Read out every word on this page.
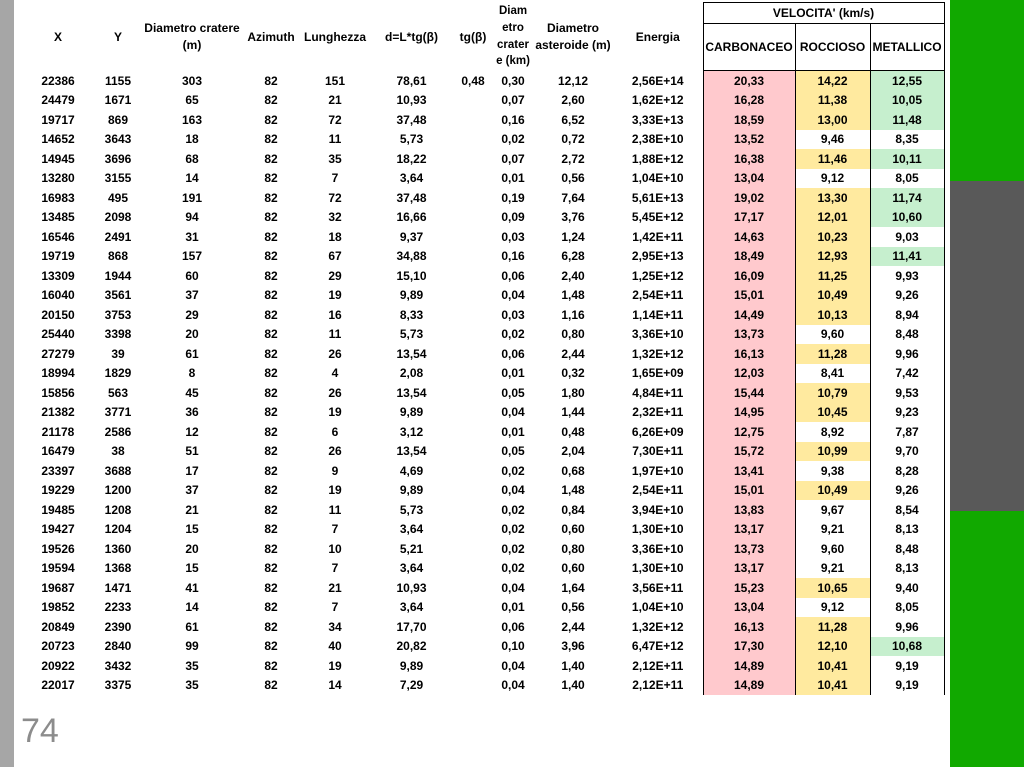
X	Y	Diametro cratere (m)	Azimuth	Lunghezza	d=L*tg(β)	tg(β)	Diam etro crater e (km)	Diametro asteroide (m)	Energia	VELOCITA' (km/s)		
										CARBONACEO	ROCCIOSO	METALLICO
22386	1155	303	82	151	78,61	0,48	0,30	12,12	2,56E+14	20,33	14,22	12,55
24479	1671	65	82	21	10,93		0,07	2,60	1,62E+12	16,28	11,38	10,05
19717	869	163	82	72	37,48		0,16	6,52	3,33E+13	18,59	13,00	11,48
14652	3643	18	82	11	5,73		0,02	0,72	2,38E+10	13,52	9,46	8,35
14945	3696	68	82	35	18,22		0,07	2,72	1,88E+12	16,38	11,46	10,11
13280	3155	14	82	7	3,64		0,01	0,56	1,04E+10	13,04	9,12	8,05
16983	495	191	82	72	37,48		0,19	7,64	5,61E+13	19,02	13,30	11,74
13485	2098	94	82	32	16,66		0,09	3,76	5,45E+12	17,17	12,01	10,60
16546	2491	31	82	18	9,37		0,03	1,24	1,42E+11	14,63	10,23	9,03
19719	868	157	82	67	34,88		0,16	6,28	2,95E+13	18,49	12,93	11,41
13309	1944	60	82	29	15,10		0,06	2,40	1,25E+12	16,09	11,25	9,93
16040	3561	37	82	19	9,89		0,04	1,48	2,54E+11	15,01	10,49	9,26
20150	3753	29	82	16	8,33		0,03	1,16	1,14E+11	14,49	10,13	8,94
25440	3398	20	82	11	5,73		0,02	0,80	3,36E+10	13,73	9,60	8,48
27279	39	61	82	26	13,54		0,06	2,44	1,32E+12	16,13	11,28	9,96
18994	1829	8	82	4	2,08		0,01	0,32	1,65E+09	12,03	8,41	7,42
15856	563	45	82	26	13,54		0,05	1,80	4,84E+11	15,44	10,79	9,53
21382	3771	36	82	19	9,89		0,04	1,44	2,32E+11	14,95	10,45	9,23
21178	2586	12	82	6	3,12		0,01	0,48	6,26E+09	12,75	8,92	7,87
16479	38	51	82	26	13,54		0,05	2,04	7,30E+11	15,72	10,99	9,70
23397	3688	17	82	9	4,69		0,02	0,68	1,97E+10	13,41	9,38	8,28
19229	1200	37	82	19	9,89		0,04	1,48	2,54E+11	15,01	10,49	9,26
19485	1208	21	82	11	5,73		0,02	0,84	3,94E+10	13,83	9,67	8,54
19427	1204	15	82	7	3,64		0,02	0,60	1,30E+10	13,17	9,21	8,13
19526	1360	20	82	10	5,21		0,02	0,80	3,36E+10	13,73	9,60	8,48
19594	1368	15	82	7	3,64		0,02	0,60	1,30E+10	13,17	9,21	8,13
19687	1471	41	82	21	10,93		0,04	1,64	3,56E+11	15,23	10,65	9,40
19852	2233	14	82	7	3,64		0,01	0,56	1,04E+10	13,04	9,12	8,05
20849	2390	61	82	34	17,70		0,06	2,44	1,32E+12	16,13	11,28	9,96
20723	2840	99	82	40	20,82		0,10	3,96	6,47E+12	17,30	12,10	10,68
20922	3432	35	82	19	9,89		0,04	1,40	2,12E+11	14,89	10,41	9,19
22017	3375	35	82	14	7,29		0,04	1,40	2,12E+11	14,89	10,41	9,19
74
